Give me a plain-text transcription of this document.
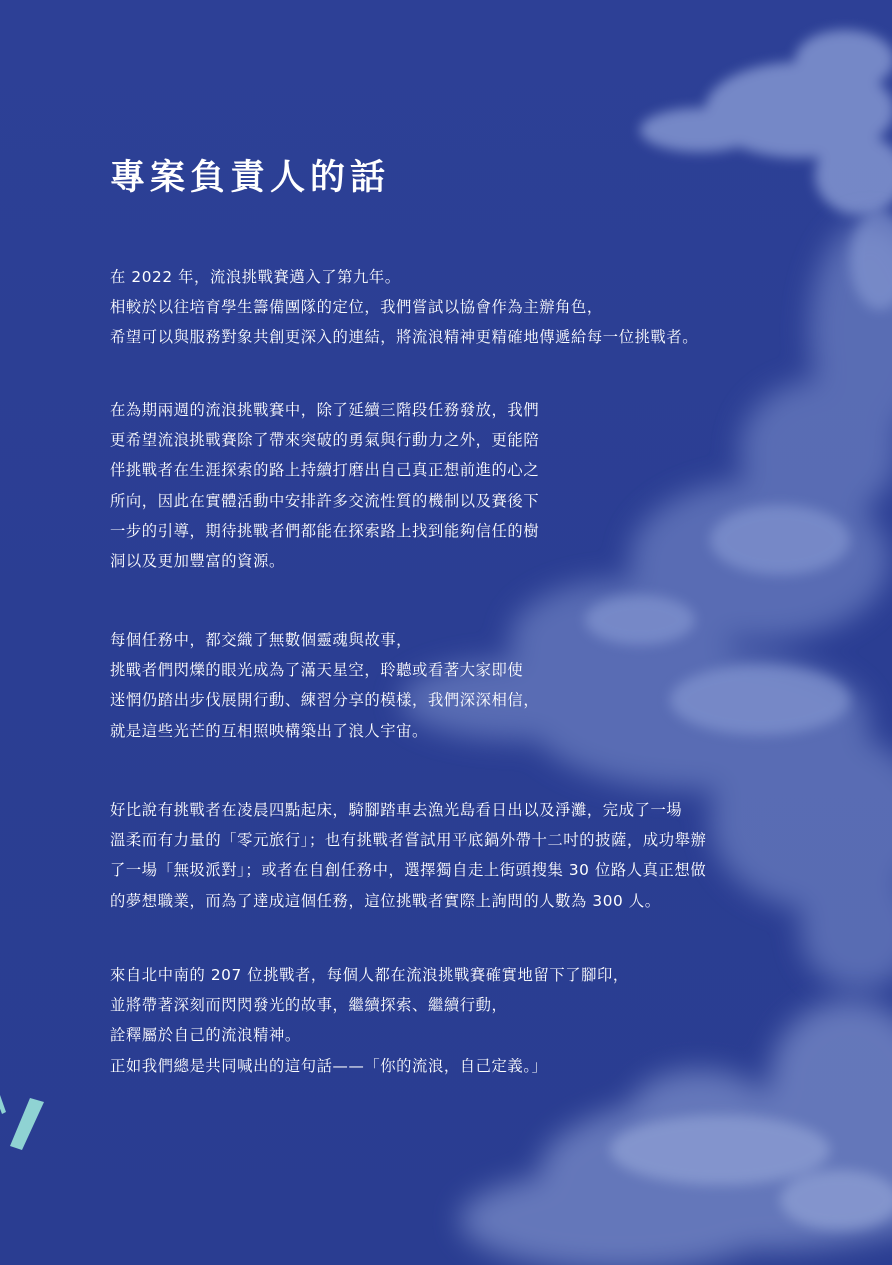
專案負責人的話

在 2022 年，流浪挑戰賽邁入了第九年。
相較於以往培育學生籌備團隊的定位，我們嘗試以協會作為主辦角色，
希望可以與服務對象共創更深入的連結，將流浪精神更精確地傳遞給每一位挑戰者。

在為期兩週的流浪挑戰賽中，除了延續三階段任務發放，我們
更希望流浪挑戰賽除了帶來突破的勇氣與行動力之外，更能陪
伴挑戰者在生涯探索的路上持續打磨出自己真正想前進的心之
所向，因此在實體活動中安排許多交流性質的機制以及賽後下
一步的引導，期待挑戰者們都能在探索路上找到能夠信任的樹
洞以及更加豐富的資源。

每個任務中，都交織了無數個靈魂與故事，
挑戰者們閃爍的眼光成為了滿天星空，聆聽或看著大家即使
迷惘仍踏出步伐展開行動、練習分享的模樣，我們深深相信，
就是這些光芒的互相照映構築出了浪人宇宙。

好比說有挑戰者在凌晨四點起床，騎腳踏車去漁光島看日出以及淨灘，完成了一場
溫柔而有力量的「零元旅行」；也有挑戰者嘗試用平底鍋外帶十二吋的披薩，成功舉辦
了一場「無圾派對」；或者在自創任務中，選擇獨自走上街頭搜集 30 位路人真正想做
的夢想職業，而為了達成這個任務，這位挑戰者實際上詢問的人數為 300 人。

來自北中南的 207 位挑戰者，每個人都在流浪挑戰賽確實地留下了腳印，
並將帶著深刻而閃閃發光的故事，繼續探索、繼續行動，
詮釋屬於自己的流浪精神。
正如我們總是共同喊出的這句話——「你的流浪，自己定義。」
